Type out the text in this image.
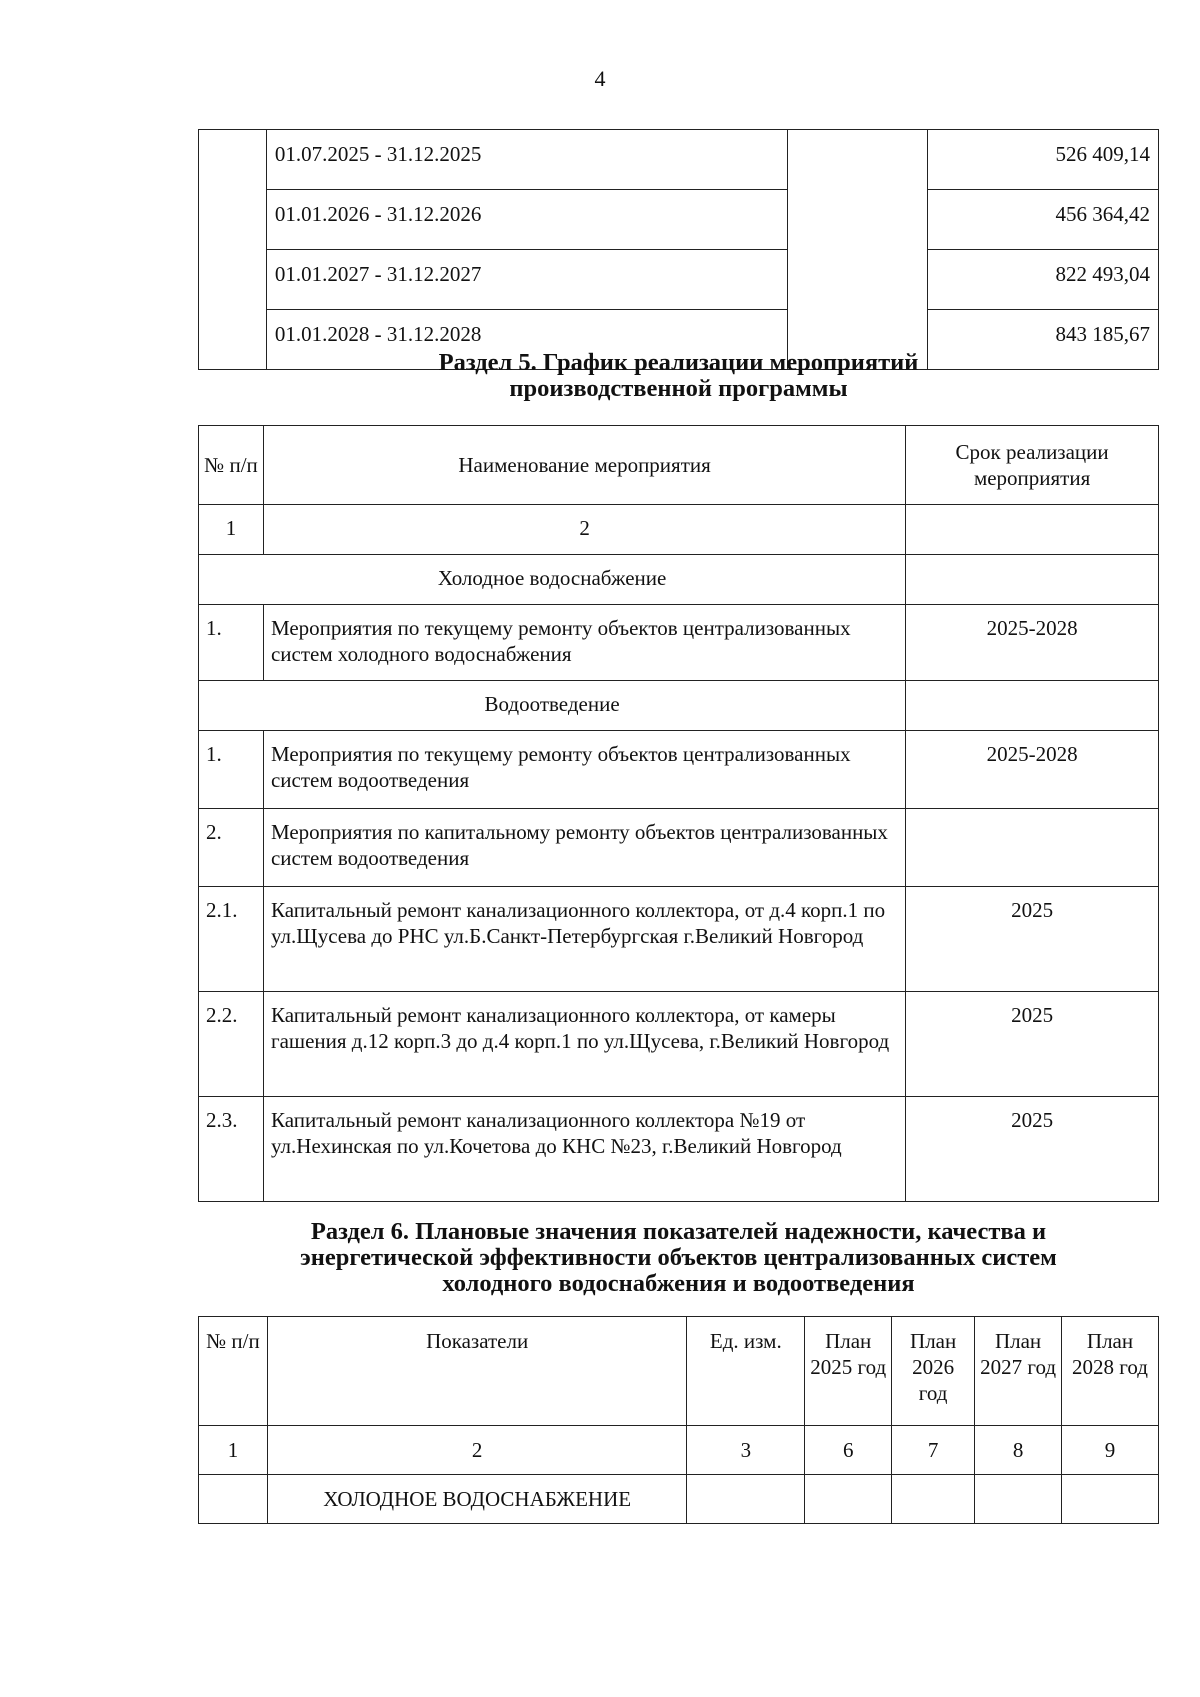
4
	01.07.2025 - 31.12.2025		526 409,14
	01.01.2026 - 31.12.2026		456 364,42
	01.01.2027 - 31.12.2027		822 493,04
	01.01.2028 - 31.12.2028		843 185,67
Раздел 5. График реализации мероприятий
производственной программы
№ п/п	Наименование мероприятия	Срок реализации мероприятия
1	2	
Холодное водоснабжение		
1.	Мероприятия по текущему ремонту объектов централизованных систем холодного водоснабжения	2025-2028
Водоотведение		
1.	Мероприятия по текущему ремонту объектов централизованных систем водоотведения	2025-2028
2.	Мероприятия по капитальному ремонту объектов централизованных систем водоотведения	
2.1.	Капитальный ремонт канализационного коллектора, от д.4 корп.1 по ул.Щусева до РНС ул.Б.Санкт-Петербургская г.Великий Новгород	2025
2.2.	Капитальный ремонт канализационного коллектора, от камеры гашения д.12 корп.3 до д.4 корп.1 по ул.Щусева, г.Великий Новгород	2025
2.3.	Капитальный ремонт канализационного коллектора №19 от ул.Нехинская по ул.Кочетова до КНС №23, г.Великий Новгород	2025
Раздел 6. Плановые значения показателей надежности, качества и
энергетической эффективности объектов централизованных систем
холодного водоснабжения и водоотведения
№ п/п	Показатели	Ед. изм.	План 2025 год	План 2026 год	План 2027 год	План 2028 год
1	2	3	6	7	8	9
	ХОЛОДНОЕ ВОДОСНАБЖЕНИЕ					
